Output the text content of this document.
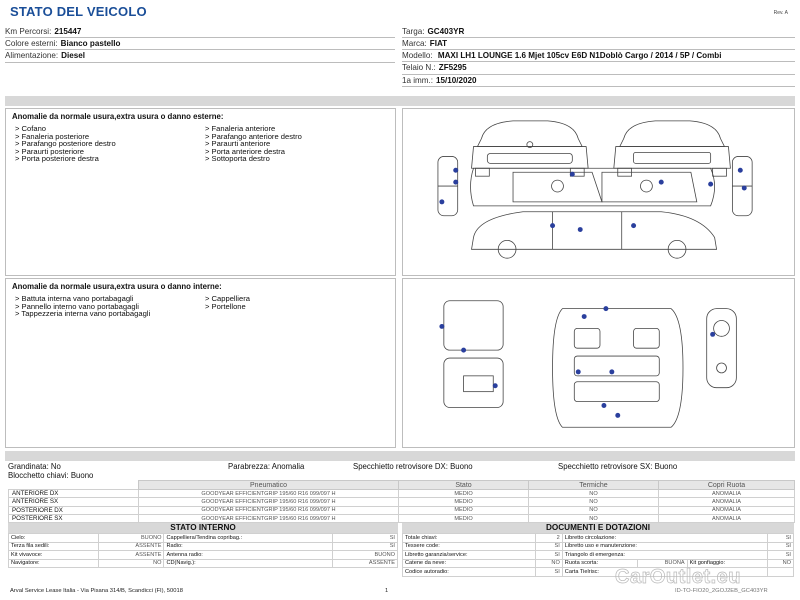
STATO DEL VEICOLO	Rev. A
Km Percorsi: 215447
Colore esterni: Bianco pastello
Alimentazione: Diesel
Targa: GC403YR
Marca: FIAT
Modello: MAXI LH1 LOUNGE 1.6 Mjet 105cv E6D N1Doblò Cargo / 2014 / 5P / Combi
Telaio N.: ZF5295
1a imm.: 15/10/2020
Anomalie da normale usura,extra usura o danno esterne:
> Cofano
> Fanaleria posteriore
> Parafango posteriore destro
> Paraurti posteriore
> Porta posteriore destra
> Fanaleria anteriore
> Parafango anteriore destro
> Paraurti anteriore
> Porta anteriore destra
> Sottoporta destro
Anomalie da normale usura,extra usura o danno interne:
> Battuta interna vano portabagagli
> Pannello interno vano portabagagli
> Tappezzeria interna vano portabagagli
> Cappelliera
> Portellone
Grandinata: No	Parabrezza: Anomalia	Specchietto retrovisore DX: Buono	Specchietto retrovisore SX: Buono
Blocchetto chiavi: Buono
	Pneumatico	Stato	Termiche	Copri Ruota
ANTERIORE DX	GOODYEAR EFFICIENTGRIP 195/60 R16 099/097 H	MEDIO	NO	ANOMALIA
ANTERIORE SX	GOODYEAR EFFICIENTGRIP 195/60 R16 099/097 H	MEDIO	NO	ANOMALIA
POSTERIORE DX	GOODYEAR EFFICIENTGRIP 195/60 R16 099/097 H	MEDIO	NO	ANOMALIA
POSTERIORE SX	GOODYEAR EFFICIENTGRIP 195/60 R16 099/097 H	MEDIO	NO	ANOMALIA
STATO INTERNO
Cielo:	BUONO	Cappelliera/Tendina copribag.:	SI
Terza fila sedili:	ASSENTE	Radio:	SI
Kit vivavoce:	ASSENTE	Antenna radio:	BUONO
Navigatore:	NO	CD(Navig.):	ASSENTE
DOCUMENTI E DOTAZIONI
Totale chiavi:	2	Libretto circolazione:			SI
Tessere code:	SI	Libretto uso e manutenzione:			SI
Libretto garanzia/service:	SI	Triangolo di emergenza:			SI
Catene da neve:	NO	Ruota scorta:	BUONA	Kit gonfiaggio:	NO
Codice autoradio:	SI	Carta Tielrisc:			CarOutlet.eu
Arval Service Lease Italia - Via Pisana 314/B, Scandicci (FI), 50018	1	ID-TO-FIO20_2GOJ2EB_GC403YR
